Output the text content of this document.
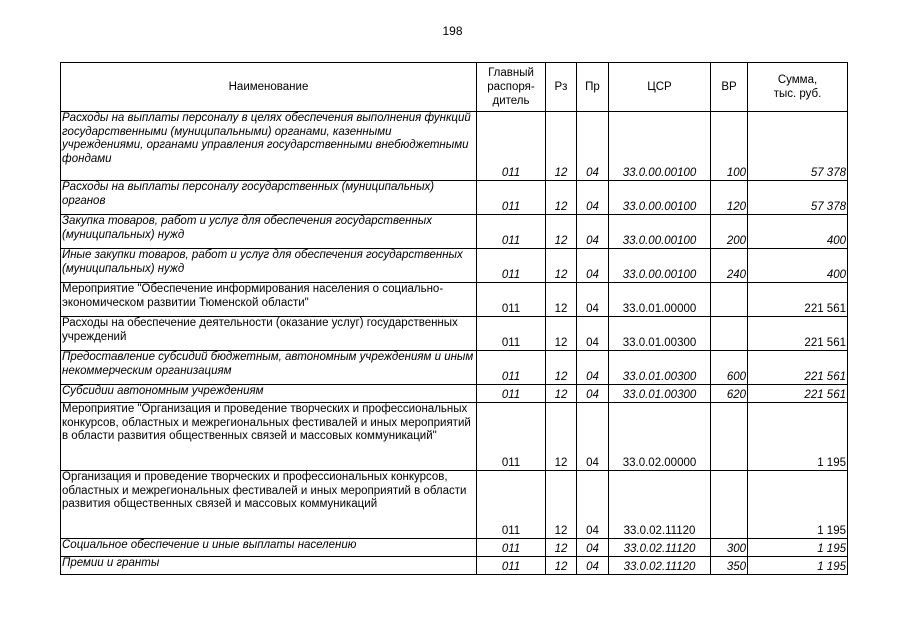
198
Наименование	Главный
распоря-
дитель	Рз	Пр	ЦСР	ВР	Сумма,
тыс. руб.

Расходы на выплаты персоналу в целях обеспечения выполнения функций государственными (муниципальными) органами, казенными учреждениями, органами управления государственными внебюджетными фондами	011	12	04	33.0.00.00100	100	57 378
Расходы на выплаты персоналу государственных (муниципальных) органов	011	12	04	33.0.00.00100	120	57 378
Закупка товаров, работ и услуг для обеспечения государственных (муниципальных) нужд	011	12	04	33.0.00.00100	200	400
Иные закупки товаров, работ и услуг для обеспечения государственных (муниципальных) нужд	011	12	04	33.0.00.00100	240	400
Мероприятие "Обеспечение информирования населения о социально-экономическом развитии Тюменской области"	011	12	04	33.0.01.00000		221 561
Расходы на обеспечение деятельности (оказание услуг) государственных учреждений	011	12	04	33.0.01.00300		221 561
Предоставление субсидий бюджетным, автономным учреждениям и иным некоммерческим организациям	011	12	04	33.0.01.00300	600	221 561
Субсидии автономным учреждениям	011	12	04	33.0.01.00300	620	221 561
Мероприятие "Организация и проведение творческих и профессиональных конкурсов, областных и межрегиональных фестивалей и иных мероприятий в области развития общественных связей и массовых коммуникаций"	011	12	04	33.0.02.00000		1 195
Организация и проведение творческих и профессиональных конкурсов, областных и межрегиональных фестивалей и иных мероприятий в области развития общественных связей и массовых коммуникаций	011	12	04	33.0.02.11120		1 195
Социальное обеспечение и иные выплаты населению	011	12	04	33.0.02.11120	300	1 195
Премии и гранты	011	12	04	33.0.02.11120	350	1 195
